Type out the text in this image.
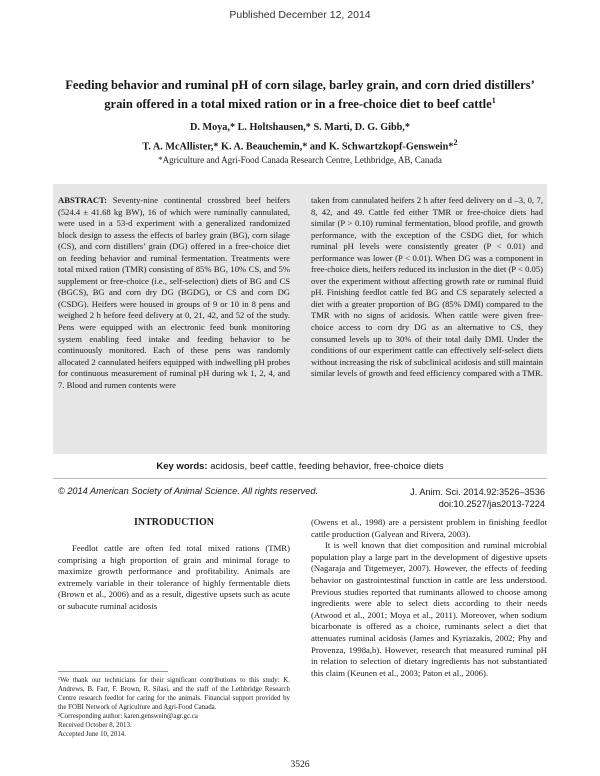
Published December 12, 2014
Feeding behavior and ruminal pH of corn silage, barley grain, and corn dried distillers’ grain offered in a total mixed ration or in a free-choice diet to beef cattle$^1$
D. Moya,* L. Holtshausen,* S. Marti, D. G. Gibb,*
T. A. McAllister,* K. A. Beauchemin,* and K. Schwartzkopf-Genswein*$^2$
*Agriculture and Agri-Food Canada Research Centre, Lethbridge, AB, Canada
ABSTRACT: Seventy-nine continental crossbred beef heifers (524.4 ± 41.68 kg BW), 16 of which were ruminally cannulated, were used in a 53-d experiment with a generalized randomized block design to assess the effects of barley grain (BG), corn silage (CS), and corn distillers’ grain (DG) offered in a free-choice diet on feeding behavior and ruminal fermentation. Treatments were total mixed ration (TMR) consisting of 85% BG, 10% CS, and 5% supplement or free-choice (i.e., self-selection) diets of BG and CS (BGCS), BG and corn dry DG (BGDG), or CS and corn DG (CSDG). Heifers were housed in groups of 9 or 10 in 8 pens and weighed 2 h before feed delivery at 0, 21, 42, and 52 of the study. Pens were equipped with an electronic feed bunk monitoring system enabling feed intake and feeding behavior to be continuously monitored. Each of these pens was randomly allocated 2 cannulated heifers equipped with indwelling pH probes for continuous measurement of ruminal pH during wk 1, 2, 4, and 7. Blood and rumen contents were
taken from cannulated heifers 2 h after feed delivery on d –3, 0, 7, 8, 42, and 49. Cattle fed either TMR or free-choice diets had similar (P > 0.10) ruminal fermentation, blood profile, and growth performance, with the exception of the CSDG diet, for which ruminal pH levels were consistently greater (P < 0.01) and performance was lower (P < 0.01). When DG was a component in free-choice diets, heifers reduced its inclusion in the diet (P < 0.05) over the experiment without affecting growth rate or ruminal fluid pH. Finishing feedlot cattle fed BG and CS separately selected a diet with a greater proportion of BG (85% DMI) compared to the TMR with no signs of acidosis. When cattle were given free-choice access to corn dry DG as an alternative to CS, they consumed levels up to 30% of their total daily DMI. Under the conditions of our experiment cattle can effectively self-select diets without increasing the risk of subclinical acidosis and still maintain similar levels of growth and feed efficiency compared with a TMR.
Key words: acidosis, beef cattle, feeding behavior, free-choice diets
© 2014 American Society of Animal Science. All rights reserved.	J. Anim. Sci. 2014.92:3526–3536
doi:10.2527/jas2013-7224
INTRODUCTION

Feedlot cattle are often fed total mixed rations (TMR) comprising a high proportion of grain and minimal forage to maximize growth performance and profitability. Animals are extremely variable in their tolerance of highly fermentable diets (Brown et al., 2006) and as a result, digestive upsets such as acute or subacute ruminal acidosis

(Owens et al., 1998) are a persistent problem in finishing feedlot cattle production (Galyean and Rivera, 2003).

It is well known that diet composition and ruminal microbial population play a large part in the development of digestive upsets (Nagaraja and Titgemeyer, 2007). However, the effects of feeding behavior on gastrointestinal function in cattle are less understood. Previous studies reported that ruminants allowed to choose among ingredients were able to select diets according to their needs (Atwood et al., 2001; Moya et al., 2011). Moreover, when sodium bicarbonate is offered as a choice, ruminants select a diet that attenuates ruminal acidosis (James and Kyriazakis, 2002; Phy and Provenza, 1998a,b). However, research that measured ruminal pH in relation to selection of dietary ingredients has not substantiated this claim (Keunen et al., 2003; Paton et al., 2006).

¹We thank our technicians for their significant contributions to this study: K. Andrews, B. Farr, F. Brown, R. Silasi, and the staff of the Lethbridge Research Centre research feedlot for caring for the animals. Financial support provided by the FOBI Network of Agriculture and Agri-Food Canada.

²Corresponding author: karen.genswein@agr.gc.ca

Received October 8, 2013.

Accepted June 10, 2014.

3526
